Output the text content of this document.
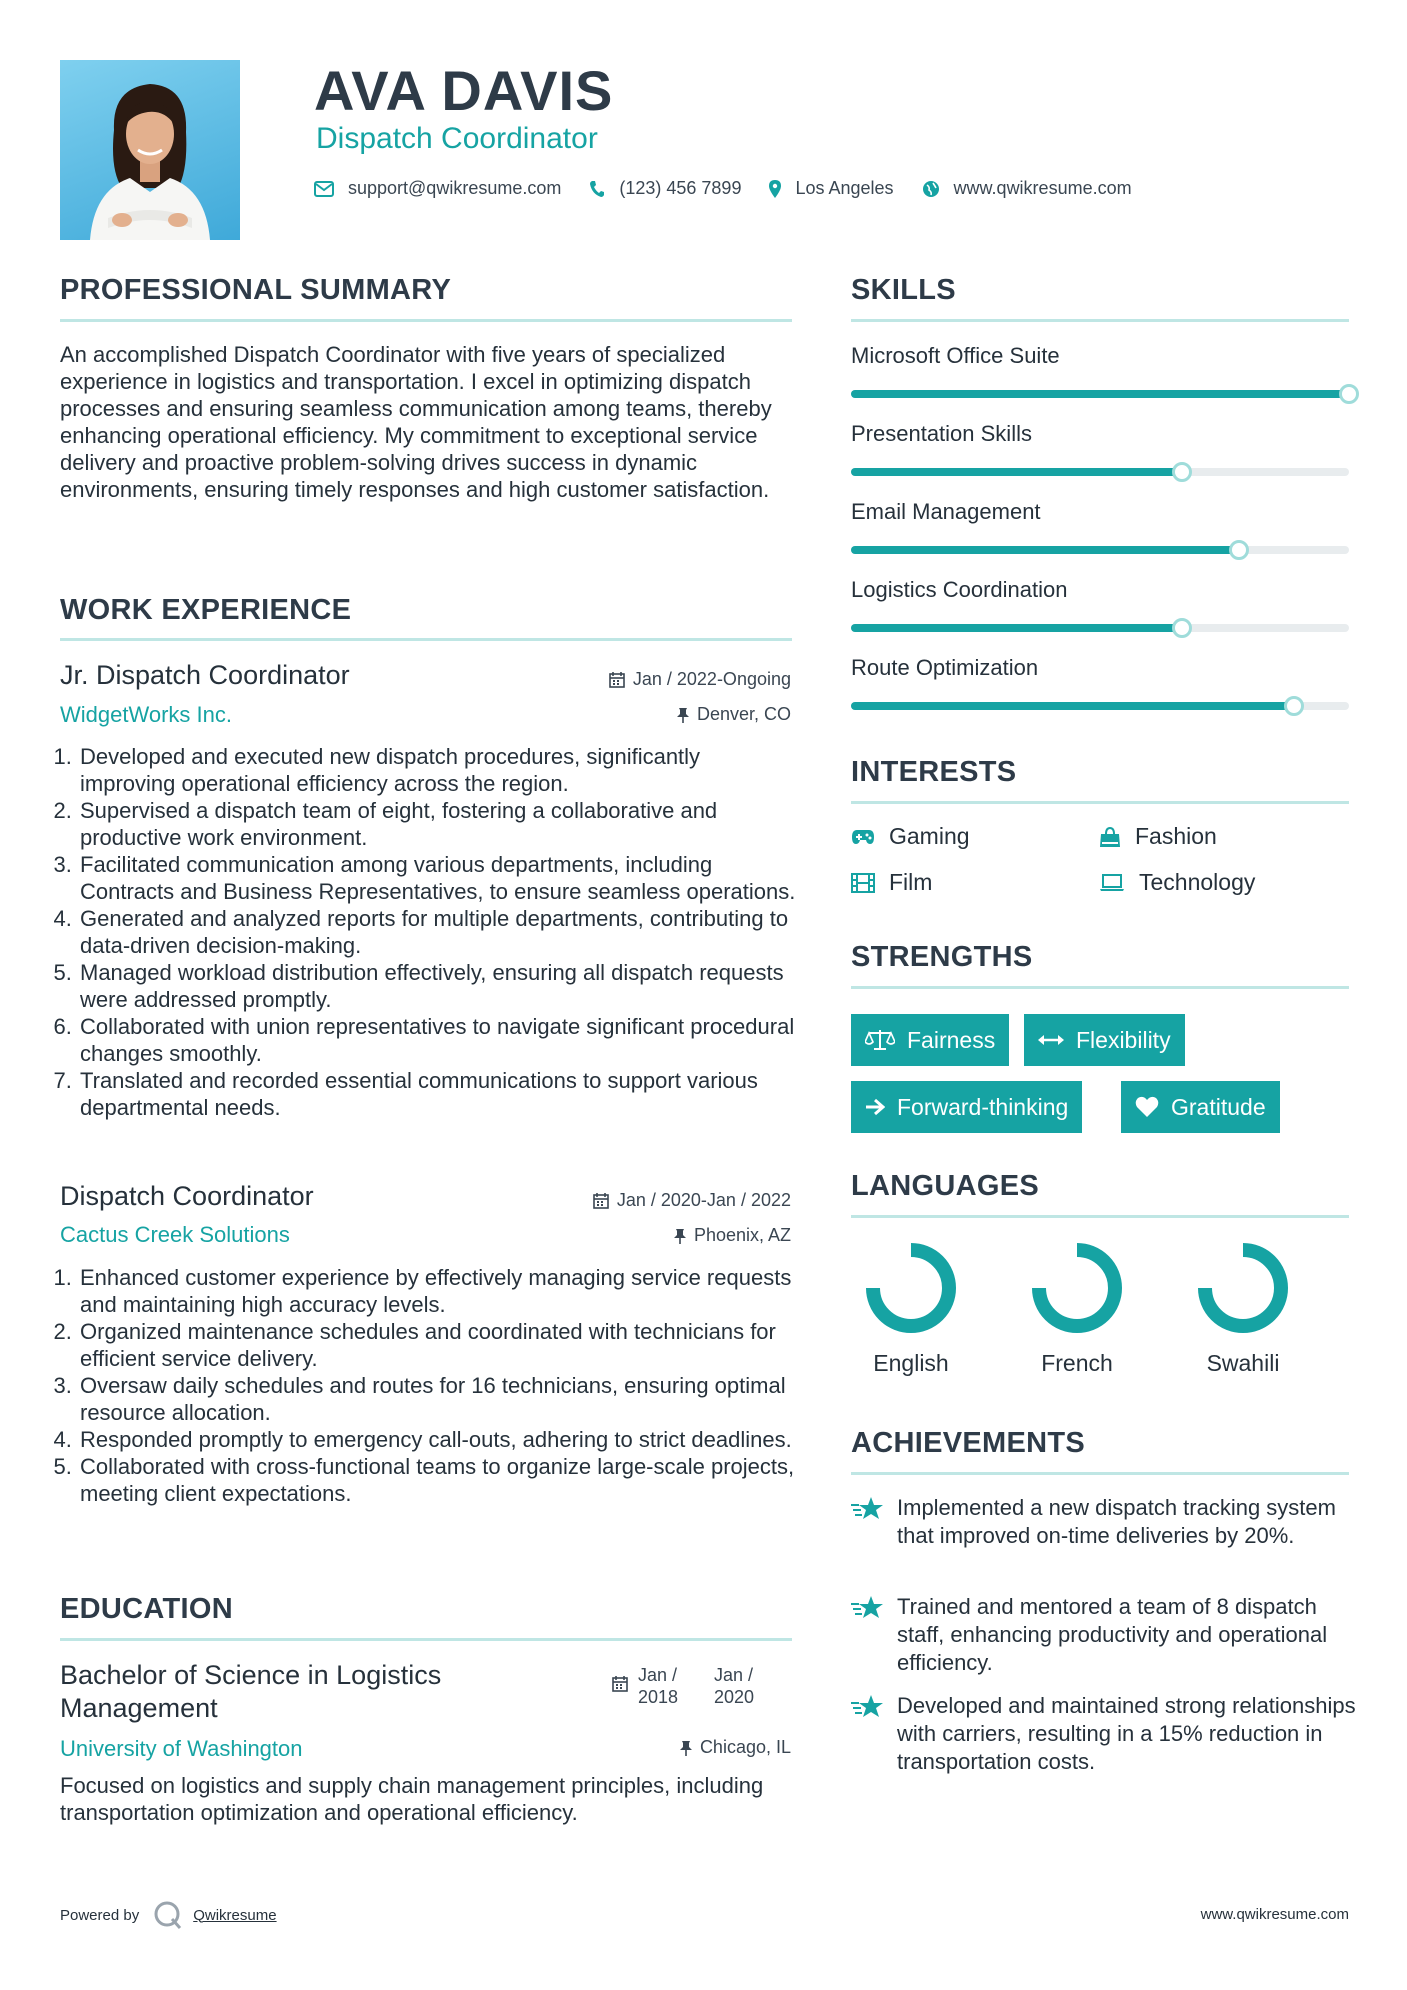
AVA DAVIS
Dispatch Coordinator
support@qwikresume.com	(123) 456 7899	Los Angeles	www.qwikresume.com
PROFESSIONAL SUMMARY
An accomplished Dispatch Coordinator with five years of specialized experience in logistics and transportation. I excel in optimizing dispatch processes and ensuring seamless communication among teams, thereby enhancing operational efficiency. My commitment to exceptional service delivery and proactive problem-solving drives success in dynamic environments, ensuring timely responses and high customer satisfaction.
WORK EXPERIENCE
Jr. Dispatch Coordinator	Jan / 2022-Ongoing
WidgetWorks Inc.	Denver, CO
1. Developed and executed new dispatch procedures, significantly improving operational efficiency across the region.
2. Supervised a dispatch team of eight, fostering a collaborative and productive work environment.
3. Facilitated communication among various departments, including Contracts and Business Representatives, to ensure seamless operations.
4. Generated and analyzed reports for multiple departments, contributing to data-driven decision-making.
5. Managed workload distribution effectively, ensuring all dispatch requests were addressed promptly.
6. Collaborated with union representatives to navigate significant procedural changes smoothly.
7. Translated and recorded essential communications to support various departmental needs.
Dispatch Coordinator	Jan / 2020-Jan / 2022
Cactus Creek Solutions	Phoenix, AZ
1. Enhanced customer experience by effectively managing service requests and maintaining high accuracy levels.
2. Organized maintenance schedules and coordinated with technicians for efficient service delivery.
3. Oversaw daily schedules and routes for 16 technicians, ensuring optimal resource allocation.
4. Responded promptly to emergency call-outs, adhering to strict deadlines.
5. Collaborated with cross-functional teams to organize large-scale projects, meeting client expectations.
EDUCATION
Bachelor of Science in Logistics Management
Jan /
2018
Jan /
2020
University of Washington	Chicago, IL
Focused on logistics and supply chain management principles, including transportation optimization and operational efficiency.
SKILLS
Microsoft Office Suite
Presentation Skills
Email Management
Logistics Coordination
Route Optimization
INTERESTS
Gaming	Fashion
Film	Technology
STRENGTHS
Fairness	Flexibility
Forward-thinking	Gratitude
LANGUAGES
English	French	Swahili
ACHIEVEMENTS
Implemented a new dispatch tracking system that improved on-time deliveries by 20%.
Trained and mentored a team of 8 dispatch staff, enhancing productivity and operational efficiency.
Developed and maintained strong relationships with carriers, resulting in a 15% reduction in transportation costs.
Powered by	Qwikresume	www.qwikresume.com
